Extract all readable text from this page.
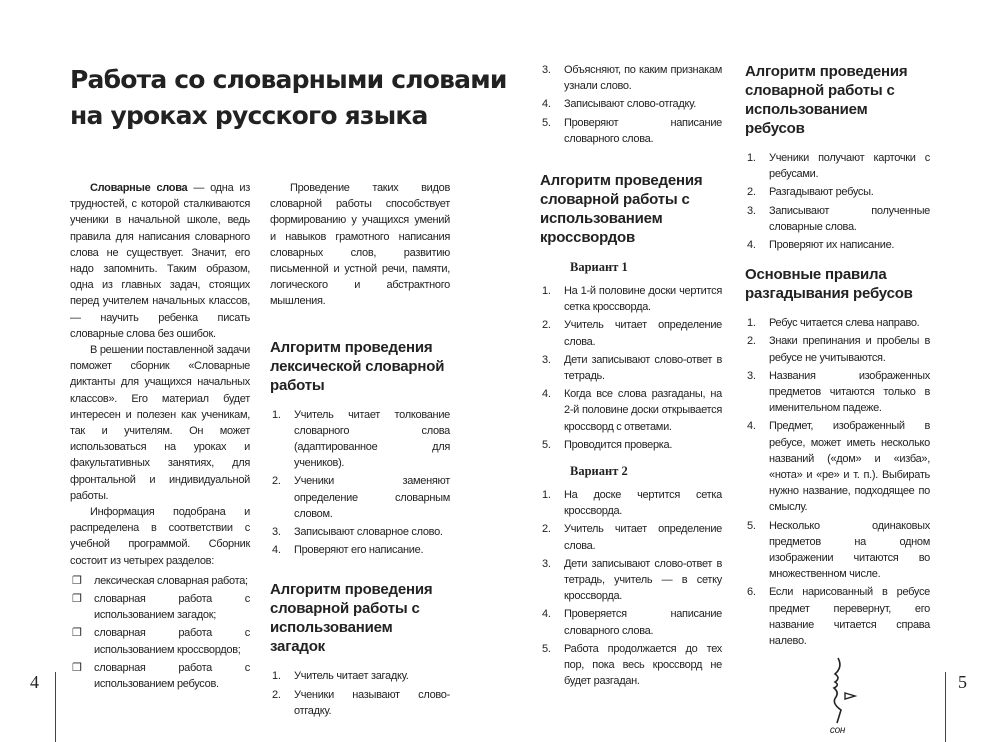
Работа со словарными словами
на уроках русского языка

Словарные слова — одна из трудностей, с которой сталкиваются ученики в начальной школе, ведь правила для написания словарного слова не существует. Значит, его надо запомнить. Таким образом, одна из главных задач, стоящих перед учителем начальных классов, — научить ребенка писать словарные слова без ошибок.

В решении поставленной задачи поможет сборник «Словарные диктанты для учащихся начальных классов». Его материал будет интересен и полезен как ученикам, так и учителям. Он может использоваться на уроках и факультативных занятиях, для фронтальной и индивидуальной работы.

Информация подобрана и распределена в соответствии с учебной программой. Сборник состоит из четырех разделов:

❐ лексическая словарная работа;
❐ словарная работа с использованием загадок;
❐ словарная работа с использованием кроссвордов;
❐ словарная работа с использованием ребусов.

Проведение таких видов словарной работы способствует формированию у учащихся умений и навыков грамотного написания словарных слов, развитию письменной и устной речи, памяти, логического и абстрактного мышления.

Алгоритм проведения лексической словарной работы
1. Учитель читает толкование словарного слова (адаптированное для учеников).
2. Ученики заменяют определение словарным словом.
3. Записывают словарное слово.
4. Проверяют его написание.
Алгоритм проведения словарной работы с использованием загадок
1. Учитель читает загадку.
2. Ученики называют слово-отгадку.
3. Объясняют, по каким признакам узнали слово.
4. Записывают слово-отгадку.
5. Проверяют написание словарного слова.
Алгоритм проведения словарной работы с использованием кроссвордов
Вариант 1
1. На 1-й половине доски чертится сетка кроссворда.
2. Учитель читает определение слова.
3. Дети записывают слово-ответ в тетрадь.
4. Когда все слова разгаданы, на 2-й половине доски открывается кроссворд с ответами.
5. Проводится проверка.
Вариант 2
1. На доске чертится сетка кроссворда.
2. Учитель читает определение слова.
3. Дети записывают слово-ответ в тетрадь, учитель — в сетку кроссворда.
4. Проверяется написание словарного слова.
5. Работа продолжается до тех пор, пока весь кроссворд не будет разгадан.
Алгоритм проведения словарной работы с использованием ребусов
1. Ученики получают карточки с ребусами.
2. Разгадывают ребусы.
3. Записывают полученные словарные слова.
4. Проверяют их написание.
Основные правила разгадывания ребусов
1. Ребус читается слева направо.
2. Знаки препинания и пробелы в ребусе не учитываются.
3. Названия изображенных предметов читаются только в именительном падеже.
4. Предмет, изображенный в ребусе, может иметь несколько названий («дом» и «изба», «нота» и «ре» и т. п.). Выбирать нужно название, подходящее по смыслу.
5. Несколько одинаковых предметов на одном изображении читаются во множественном числе.
6. Если нарисованный в ребусе предмет перевернут, его название читается справа налево.
сон
4	5
